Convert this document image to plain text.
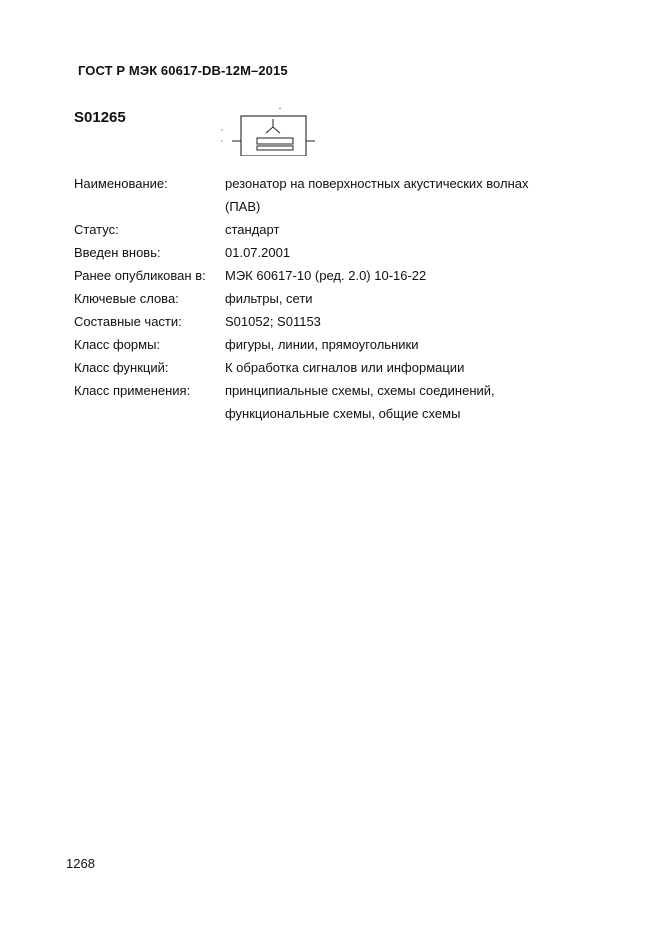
ГОСТ Р МЭК 60617-DB-12M–2015
S01265
Наименование:	резонатор на поверхностных акустических волнах
(ПАВ)
Статус:	стандарт
Введен вновь:	01.07.2001
Ранее опубликован в:	МЭК 60617-10 (ред. 2.0) 10-16-22
Ключевые слова:	фильтры, сети
Составные части:	S01052; S01153
Класс формы:	фигуры, линии, прямоугольники
Класс функций:	К обработка сигналов или информации
Класс применения:	принципиальные схемы, схемы соединений,
функциональные схемы, общие схемы
1268
